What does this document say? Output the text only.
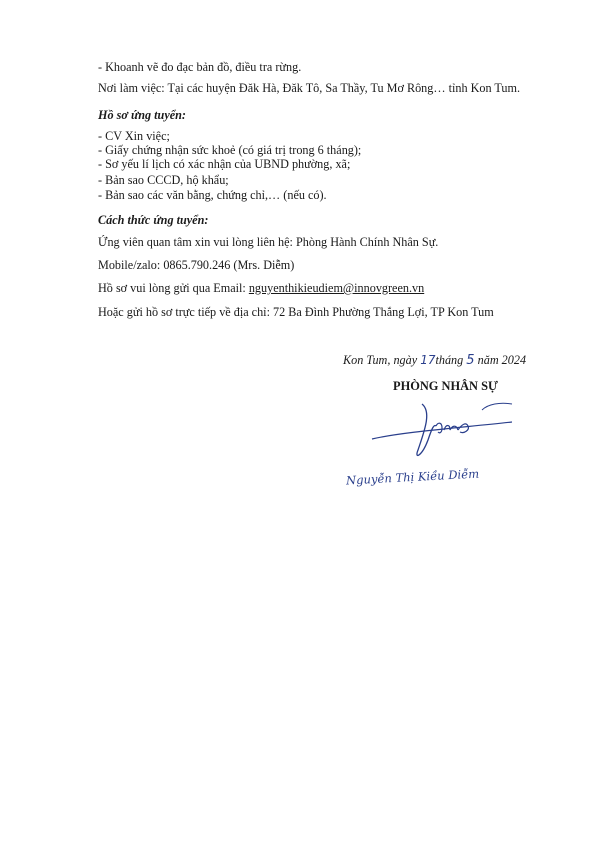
- Khoanh vẽ đo đạc bản đồ, điều tra rừng.
Nơi làm việc: Tại các huyện Đăk Hà, Đăk Tô, Sa Thầy, Tu Mơ Rông… tỉnh Kon Tum.
Hồ sơ ứng tuyển:
- CV Xin việc;
- Giấy chứng nhận sức khoẻ (có giá trị trong 6 tháng);
- Sơ yếu lí lịch có xác nhận của UBND phường, xã;
- Bản sao CCCD, hộ khẩu;
- Bản sao các văn bằng, chứng chỉ,… (nếu có).
Cách thức ứng tuyển:
Ứng viên quan tâm xin vui lòng liên hệ: Phòng Hành Chính Nhân Sự.
Mobile/zalo: 0865.790.246 (Mrs. Diễm)
Hồ sơ vui lòng gửi qua Email: nguyenthikieudiem@innovgreen.vn
Hoặc gửi hồ sơ trực tiếp về địa chỉ: 72 Ba Đình Phường Thắng Lợi, TP Kon Tum
Kon Tum, ngày 17tháng 5 năm 2024
PHÒNG NHÂN SỰ
Nguyễn Thị Kiều Diễm
